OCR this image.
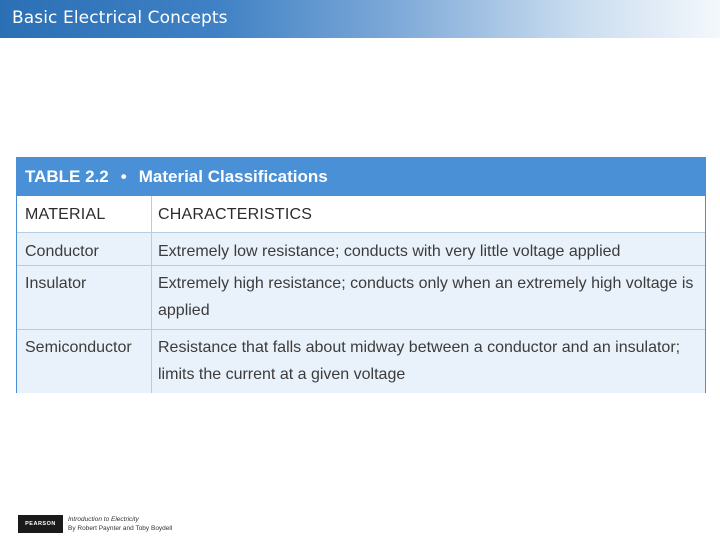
Basic Electrical Concepts
TABLE 2.2 • Material Classifications
MATERIAL	CHARACTERISTICS
Conductor	Extremely low resistance; conducts with very little voltage applied
Insulator	Extremely high resistance; conducts only when an extremely high voltage is applied
Semiconductor	Resistance that falls about midway between a conductor and an insulator; limits the current at a given voltage
PEARSON
Introduction to Electricity
By Robert Paynter and Toby Boydell
